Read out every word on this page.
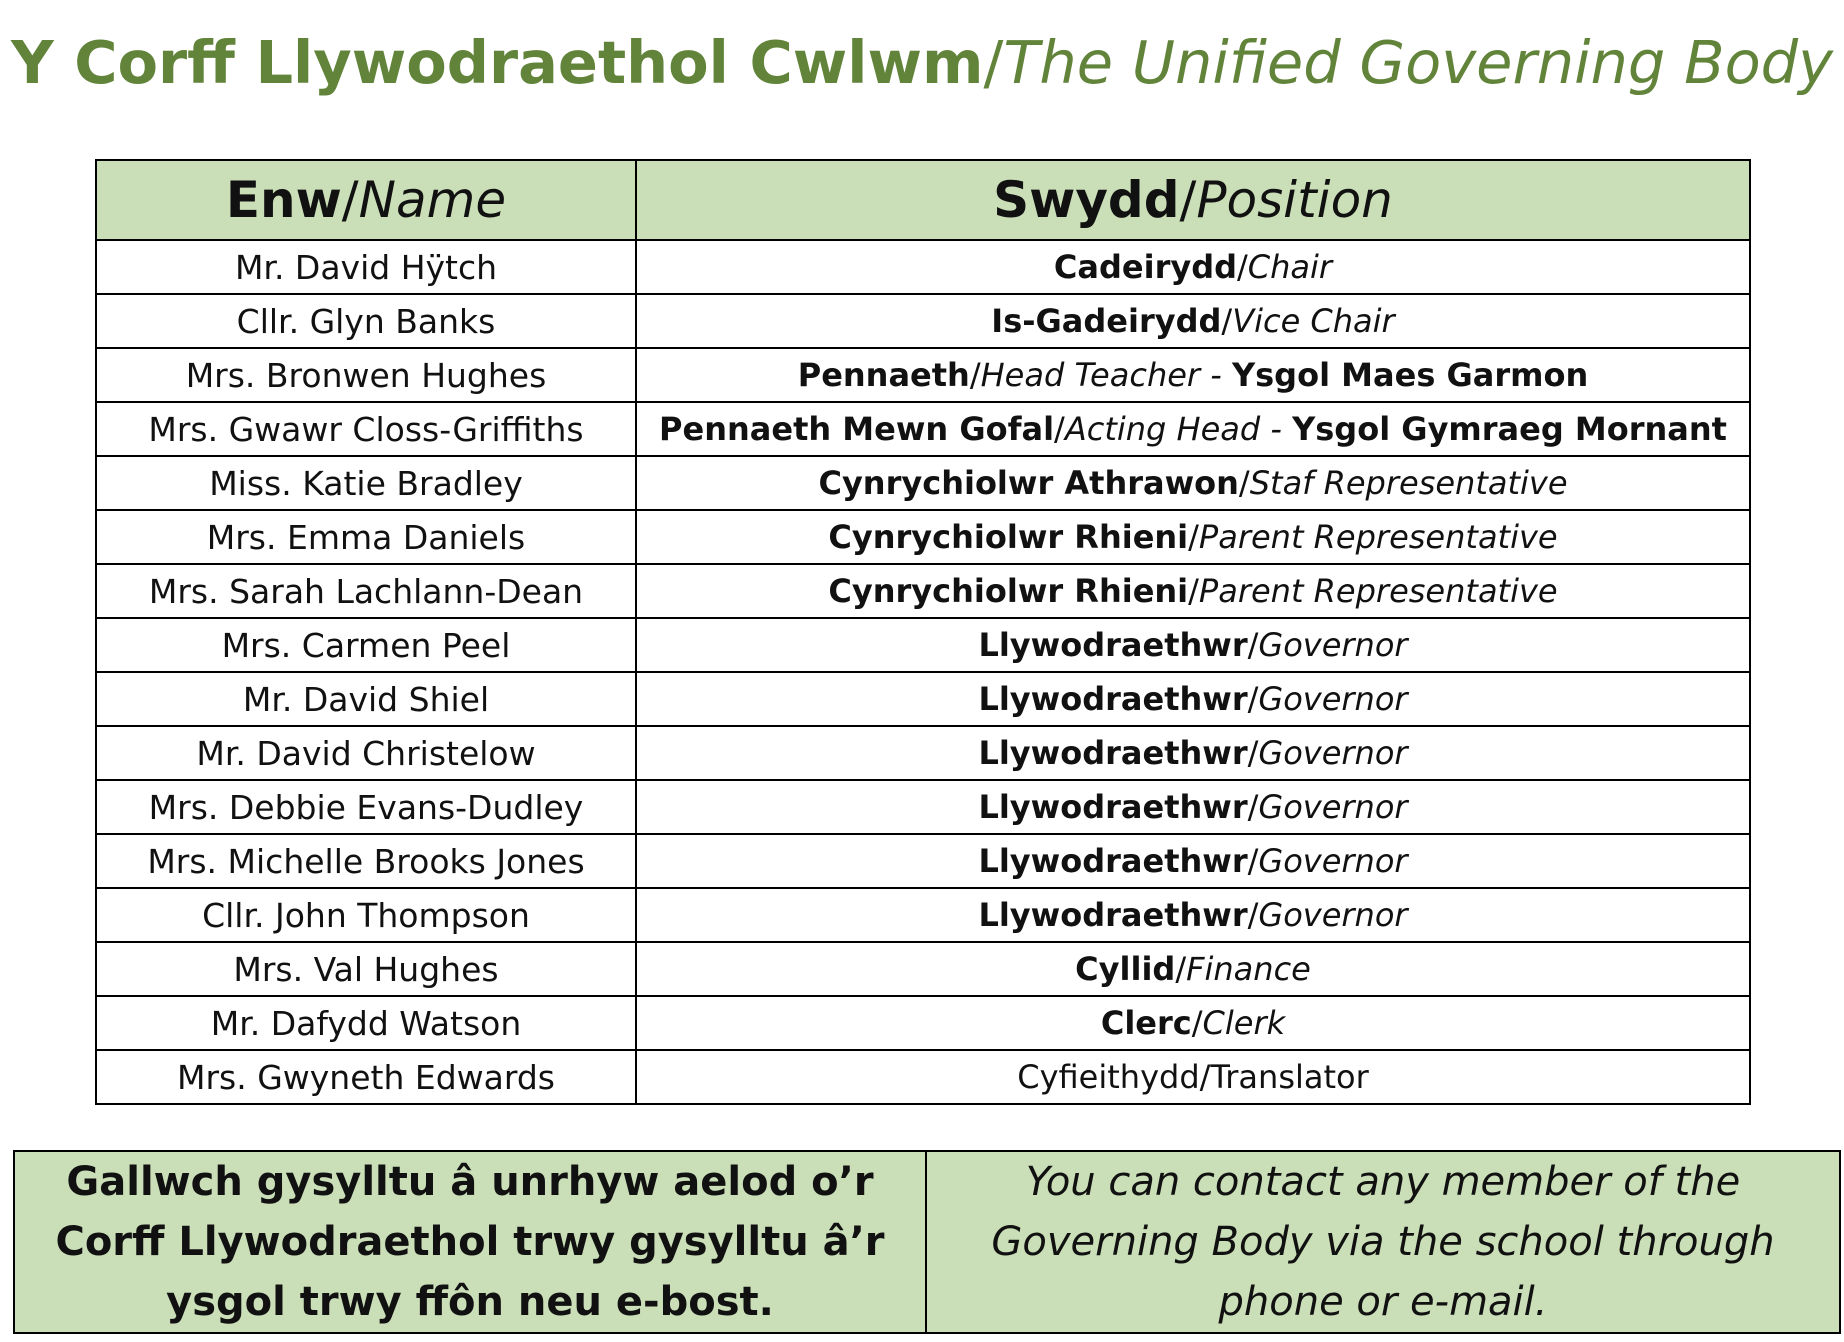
Y Corff Llywodraethol Cwlwm/The Unified Governing Body
Enw/Name	Swydd/Position
Mr. David Hÿtch	Cadeirydd/Chair
Cllr. Glyn Banks	Is-Gadeirydd/Vice Chair
Mrs. Bronwen Hughes	Pennaeth/Head Teacher - Ysgol Maes Garmon
Mrs. Gwawr Closs-Griffiths	Pennaeth Mewn Gofal/Acting Head - Ysgol Gymraeg Mornant
Miss. Katie Bradley	Cynrychiolwr Athrawon/Staf Representative
Mrs. Emma Daniels	Cynrychiolwr Rhieni/Parent Representative
Mrs. Sarah Lachlann-Dean	Cynrychiolwr Rhieni/Parent Representative
Mrs. Carmen Peel	Llywodraethwr/Governor
Mr. David Shiel	Llywodraethwr/Governor
Mr. David Christelow	Llywodraethwr/Governor
Mrs. Debbie Evans-Dudley	Llywodraethwr/Governor
Mrs. Michelle Brooks Jones	Llywodraethwr/Governor
Cllr. John Thompson	Llywodraethwr/Governor
Mrs. Val Hughes	Cyllid/Finance
Mr. Dafydd Watson	Clerc/Clerk
Mrs. Gwyneth Edwards	Cyfieithydd/Translator
Gallwch gysylltu â unrhyw aelod o’r Corff Llywodraethol trwy gysylltu â’r ysgol trwy ffôn neu e-bost.	You can contact any member of the Governing Body via the school through phone or e-mail.
